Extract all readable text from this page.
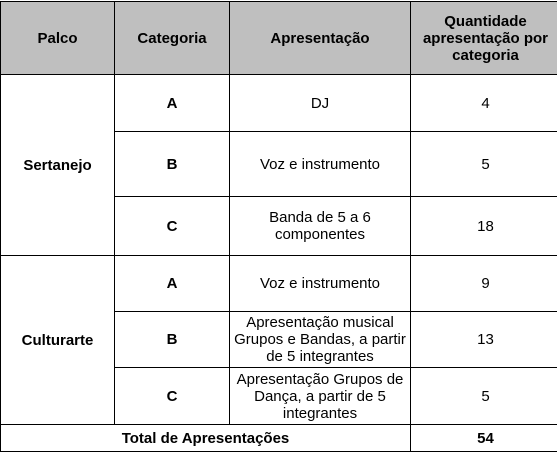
Palco	Categoria	Apresentação	Quantidade apresentação por categoria
Sertanejo	A	DJ	4
	B	Voz e instrumento	5
	C	Banda de 5 a 6 componentes	18
Culturarte	A	Voz e instrumento	9
	B	Apresentação musical Grupos e Bandas, a partir de 5 integrantes	13
	C	Apresentação Grupos de Dança, a partir de 5 integrantes	5
Total de Apresentações			54
